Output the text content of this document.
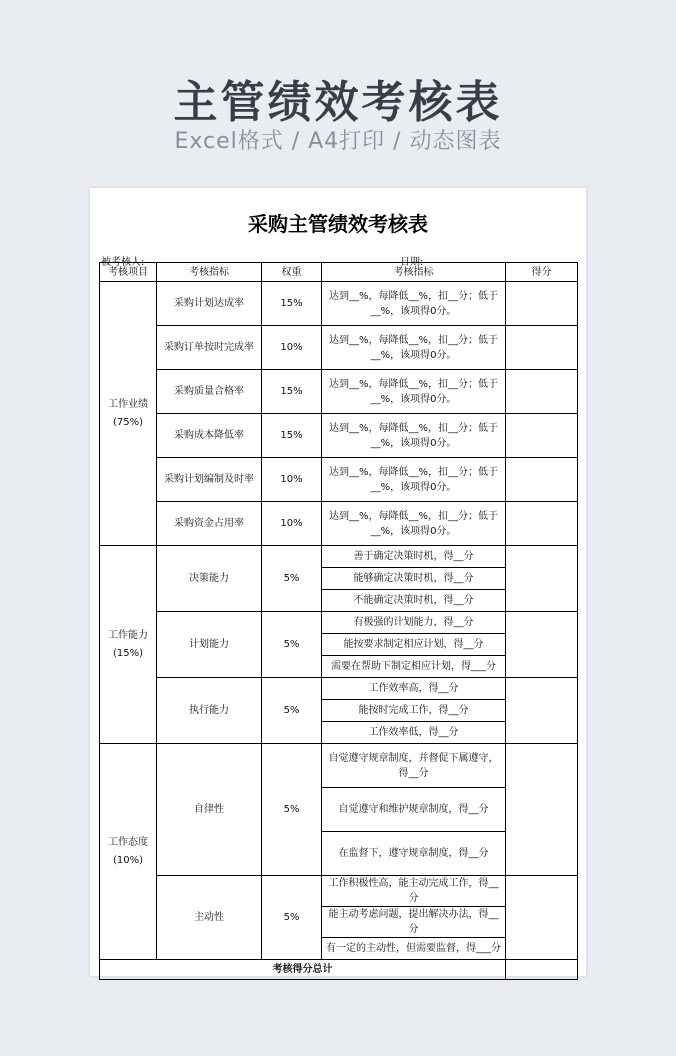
主管绩效考核表
Excel格式 / A4打印 / 动态图表
采购主管绩效考核表
被考核人:	日期:
考核项目	考核指标	权重	考核指标	得分
工作业绩
(75%)	采购计划达成率	15%	达到__%，每降低__%，扣__分；低于__%，该项得0分。	
	采购订单按时完成率	10%	达到__%，每降低__%，扣__分；低于__%，该项得0分。	
	采购质量合格率	15%	达到__%，每降低__%，扣__分；低于__%，该项得0分。	
	采购成本降低率	15%	达到__%，每降低__%，扣__分；低于__%，该项得0分。	
	采购计划编制及时率	10%	达到__%，每降低__%，扣__分；低于__%，该项得0分。	
	采购资金占用率	10%	达到__%，每降低__%，扣__分；低于__%，该项得0分。	
工作能力
(15%)	决策能力	5%	善于确定决策时机，得__分	
			能够确定决策时机，得__分	
			不能确定决策时机，得__分	
	计划能力	5%	有极强的计划能力，得__分	
			能按要求制定相应计划，得__分	
			需要在帮助下制定相应计划，得___分	
	执行能力	5%	工作效率高，得__分	
			能按时完成工作，得__分	
			工作效率低，得__分	
工作态度
(10%)	自律性	5%	自觉遵守规章制度，并督促下属遵守，得__分	
			自觉遵守和维护规章制度，得__分	
			在监督下，遵守规章制度，得__分	
	主动性	5%	工作积极性高，能主动完成工作，得__分	
			能主动考虑问题，提出解决办法，得__分	
			有一定的主动性，但需要监督，得___分	
考核得分总计				
